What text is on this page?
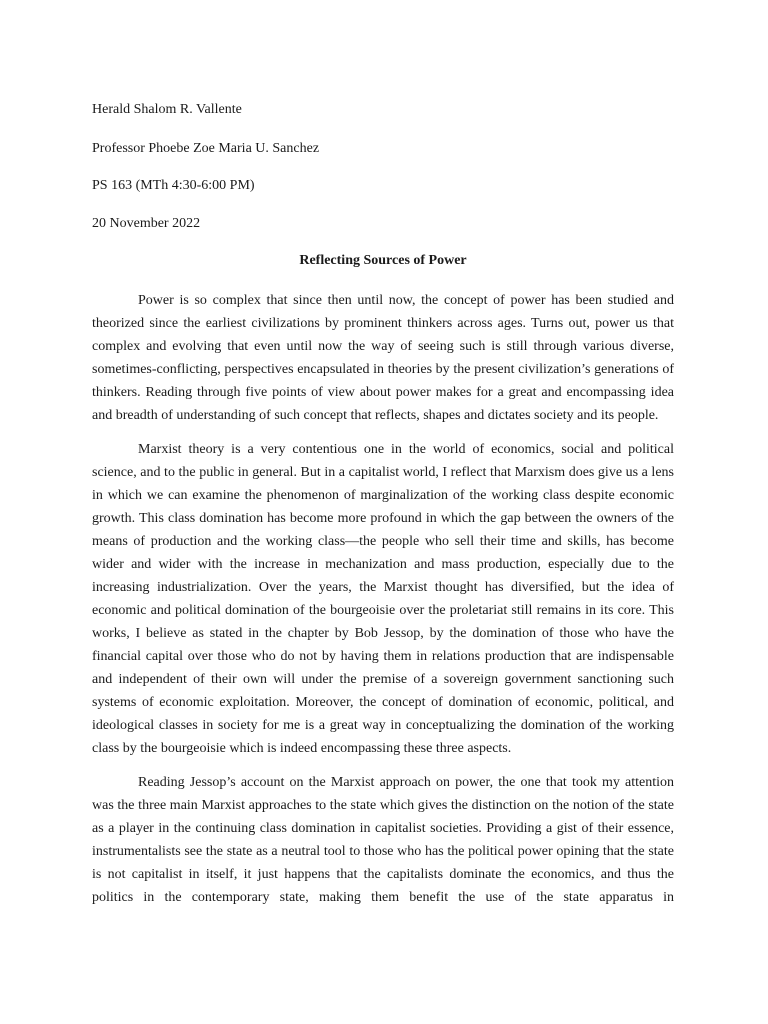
Herald Shalom R. Vallente
Professor Phoebe Zoe Maria U. Sanchez
PS 163 (MTh 4:30-6:00 PM)
20 November 2022
Reflecting Sources of Power

Power is so complex that since then until now, the concept of power has been studied and theorized since the earliest civilizations by prominent thinkers across ages. Turns out, power us that complex and evolving that even until now the way of seeing such is still through various diverse, sometimes-conflicting, perspectives encapsulated in theories by the present civilization’s generations of thinkers. Reading through five points of view about power makes for a great and encompassing idea and breadth of understanding of such concept that reflects, shapes and dictates society and its people.

Marxist theory is a very contentious one in the world of economics, social and political science, and to the public in general. But in a capitalist world, I reflect that Marxism does give us a lens in which we can examine the phenomenon of marginalization of the working class despite economic growth. This class domination has become more profound in which the gap between the owners of the means of production and the working class—the people who sell their time and skills, has become wider and wider with the increase in mechanization and mass production, especially due to the increasing industrialization. Over the years, the Marxist thought has diversified, but the idea of economic and political domination of the bourgeoisie over the proletariat still remains in its core. This works, I believe as stated in the chapter by Bob Jessop, by the domination of those who have the financial capital over those who do not by having them in relations production that are indispensable and independent of their own will under the premise of a sovereign government sanctioning such systems of economic exploitation. Moreover, the concept of domination of economic, political, and ideological classes in society for me is a great way in conceptualizing the domination of the working class by the bourgeoisie which is indeed encompassing these three aspects.

Reading Jessop’s account on the Marxist approach on power, the one that took my attention was the three main Marxist approaches to the state which gives the distinction on the notion of the state as a player in the continuing class domination in capitalist societies. Providing a gist of their essence, instrumentalists see the state as a neutral tool to those who has the political power opining that the state is not capitalist in itself, it just happens that the capitalists dominate the economics, and thus the politics in the contemporary state, making them benefit the use of the state apparatus in
